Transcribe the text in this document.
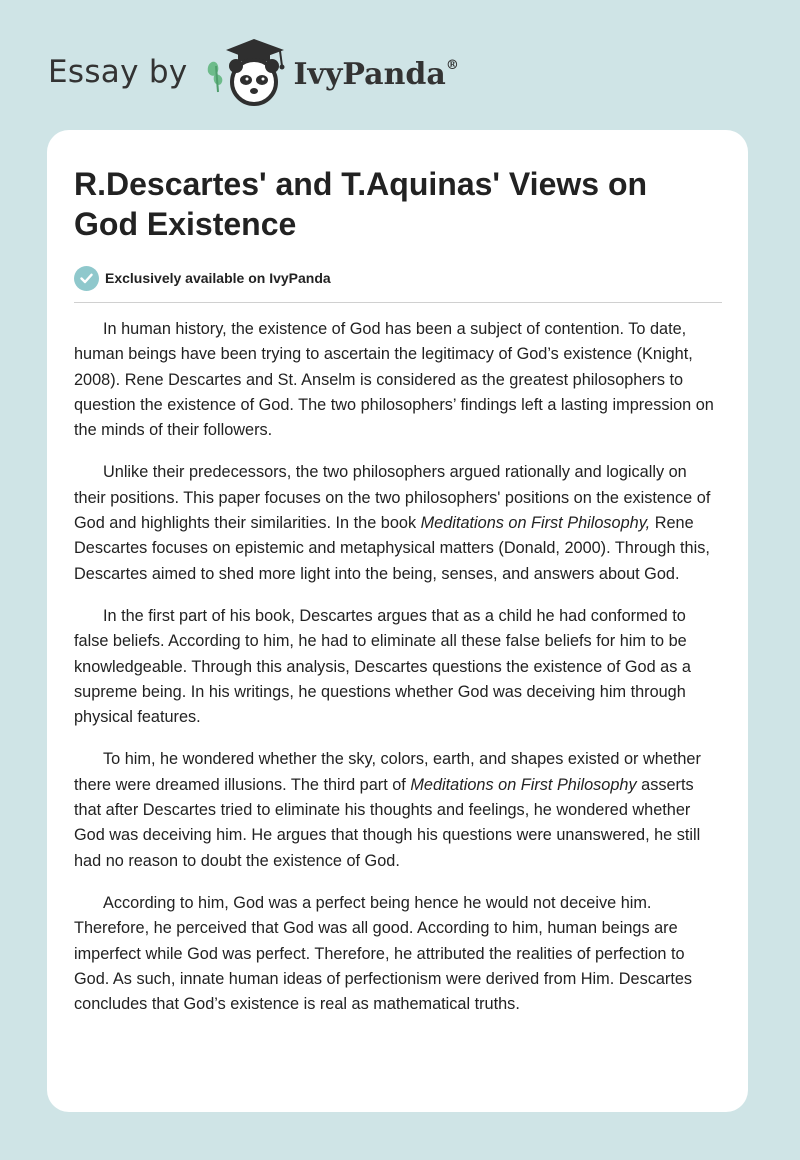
Essay by	IvyPanda®
R.Descartes' and T.Aquinas' Views on God Existence
Exclusively available on IvyPanda

In human history, the existence of God has been a subject of contention. To date, human beings have been trying to ascertain the legitimacy of God’s existence (Knight, 2008). Rene Descartes and St. Anselm is considered as the greatest philosophers to question the existence of God. The two philosophers’ findings left a lasting impression on the minds of their followers.

Unlike their predecessors, the two philosophers argued rationally and logically on their positions. This paper focuses on the two philosophers' positions on the existence of God and highlights their similarities. In the book Meditations on First Philosophy, Rene Descartes focuses on epistemic and metaphysical matters (Donald, 2000). Through this, Descartes aimed to shed more light into the being, senses, and answers about God.

In the first part of his book, Descartes argues that as a child he had conformed to false beliefs. According to him, he had to eliminate all these false beliefs for him to be knowledgeable. Through this analysis, Descartes questions the existence of God as a supreme being. In his writings, he questions whether God was deceiving him through physical features.

To him, he wondered whether the sky, colors, earth, and shapes existed or whether there were dreamed illusions. The third part of Meditations on First Philosophy asserts that after Descartes tried to eliminate his thoughts and feelings, he wondered whether God was deceiving him. He argues that though his questions were unanswered, he still had no reason to doubt the existence of God.

According to him, God was a perfect being hence he would not deceive him. Therefore, he perceived that God was all good. According to him, human beings are imperfect while God was perfect. Therefore, he attributed the realities of perfection to God. As such, innate human ideas of perfectionism were derived from Him. Descartes concludes that God’s existence is real as mathematical truths.
